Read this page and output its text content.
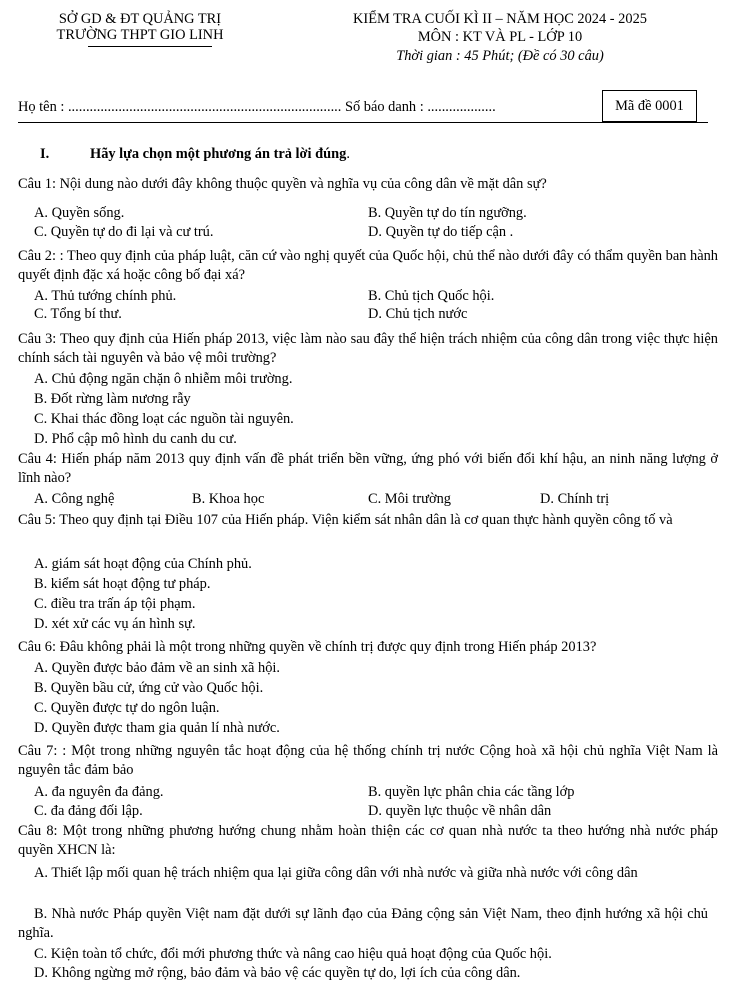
SỞ GD & ĐT QUẢNG TRỊ
TRƯỜNG THPT GIO LINH
KIỂM TRA CUỐI KÌ II – NĂM HỌC 2024 - 2025
MÔN : KT VÀ PL - LỚP 10
Thời gian : 45 Phút; (Đề có 30 câu)
Họ tên : ............................................................................ Số báo danh : ...................	Mã đề 0001
I.	Hãy lựa chọn một phương án trả lời đúng.
Câu 1: Nội dung nào dưới đây không thuộc quyền và nghĩa vụ của công dân về mặt dân sự?
A. Quyền sống.	B. Quyền tự do tín ngưỡng.
C. Quyền tự do đi lại và cư trú.	D. Quyền tự do tiếp cận .
Câu 2: : Theo quy định của pháp luật, căn cứ vào nghị quyết của Quốc hội, chủ thể nào dưới đây có thẩm quyền ban hành quyết định đặc xá hoặc công bố đại xá?
A. Thủ tướng chính phủ.	B. Chủ tịch Quốc hội.
C. Tổng bí thư.	D. Chủ tịch nước
Câu 3: Theo quy định của Hiến pháp 2013, việc làm nào sau đây thể hiện trách nhiệm của công dân trong việc thực hiện chính sách tài nguyên và bảo vệ môi trường?
A. Chủ động ngăn chặn ô nhiễm môi trường.
B. Đốt rừng làm nương rẫy
C. Khai thác đồng loạt các nguồn tài nguyên.
D. Phổ cập mô hình du canh du cư.
Câu 4: Hiến pháp năm 2013 quy định vấn đề phát triển bền vững, ứng phó với biến đổi khí hậu, an ninh năng lượng ở lĩnh nào?
A. Công nghệ	B. Khoa học	C. Môi trường	D. Chính trị
Câu 5: Theo quy định tại Điều 107 của Hiến pháp. Viện kiểm sát nhân dân là cơ quan thực hành quyền công tố và
A. giám sát hoạt động của Chính phủ.
B. kiểm sát hoạt động tư pháp.
C. điều tra trấn áp tội phạm.
D. xét xử các vụ án hình sự.
Câu 6: Đâu không phải là một trong những quyền về chính trị được quy định trong Hiến pháp 2013?
A. Quyền được bảo đảm về an sinh xã hội.
B. Quyền bầu cử, ứng cử vào Quốc hội.
C. Quyền được tự do ngôn luận.
D. Quyền được tham gia quản lí nhà nước.
Câu 7: : Một trong những nguyên tắc hoạt động của hệ thống chính trị nước Cộng hoà xã hội chủ nghĩa Việt Nam là nguyên tắc đảm bảo
A. đa nguyên đa đảng.	B. quyền lực phân chia các tầng lớp
C. đa đảng đối lập.	D. quyền lực thuộc về nhân dân
Câu 8: Một trong những phương hướng chung nhằm hoàn thiện các cơ quan nhà nước ta theo hướng nhà nước pháp quyền XHCN là:
A. Thiết lập mối quan hệ trách nhiệm qua lại giữa công dân với nhà nước và giữa nhà nước với công dân
B. Nhà nước Pháp quyền Việt nam đặt dưới sự lãnh đạo của Đảng cộng sản Việt Nam, theo định hướng xã hội chủ nghĩa.
C. Kiện toàn tổ chức, đổi mới phương thức và nâng cao hiệu quả hoạt động của Quốc hội.
D. Không ngừng mở rộng, bảo đảm và bảo vệ các quyền tự do, lợi ích của công dân.
